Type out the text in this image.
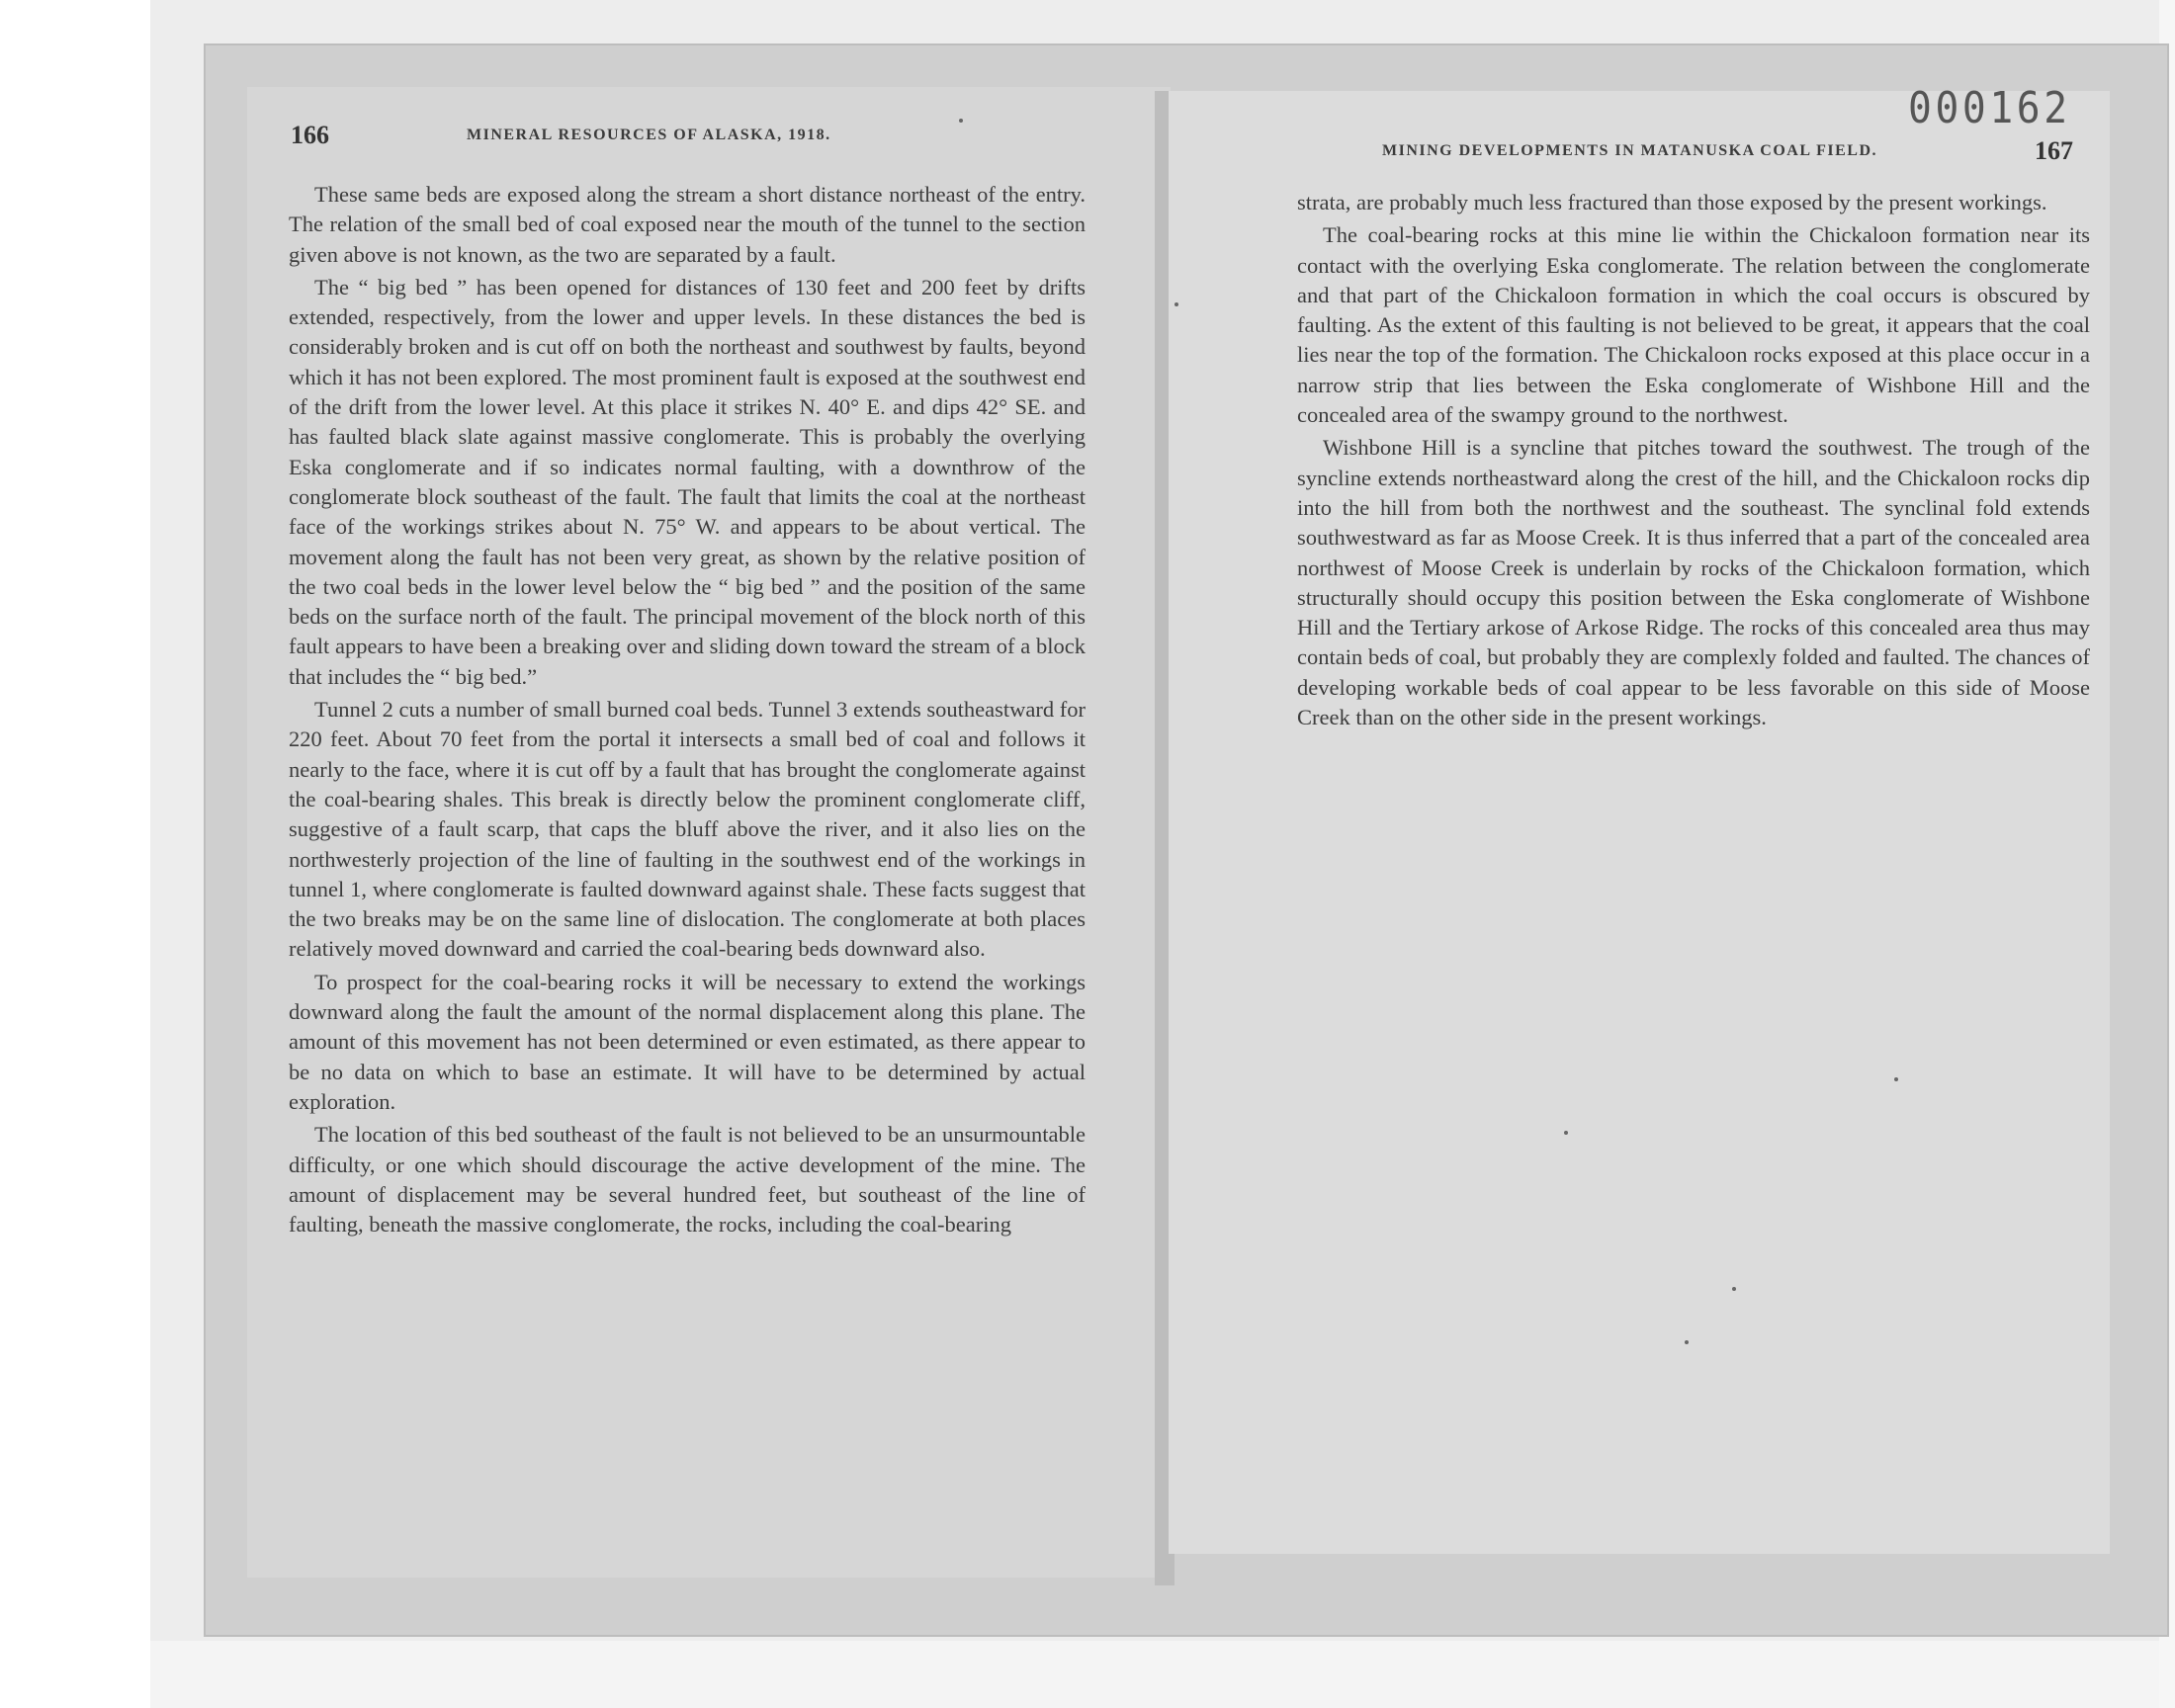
166	MINERAL RESOURCES OF ALASKA, 1918.

These same beds are exposed along the stream a short distance northeast of the entry. The relation of the small bed of coal exposed near the mouth of the tunnel to the section given above is not known, as the two are separated by a fault.

The “ big bed ” has been opened for distances of 130 feet and 200 feet by drifts extended, respectively, from the lower and upper levels. In these distances the bed is considerably broken and is cut off on both the northeast and southwest by faults, beyond which it has not been explored. The most prominent fault is exposed at the southwest end of the drift from the lower level. At this place it strikes N. 40° E. and dips 42° SE. and has faulted black slate against massive conglomerate. This is probably the overlying Eska conglomerate and if so indicates normal faulting, with a downthrow of the conglomerate block southeast of the fault. The fault that limits the coal at the northeast face of the workings strikes about N. 75° W. and appears to be about vertical. The movement along the fault has not been very great, as shown by the relative position of the two coal beds in the lower level below the “ big bed ” and the position of the same beds on the surface north of the fault. The principal movement of the block north of this fault appears to have been a breaking over and sliding down toward the stream of a block that includes the “ big bed.”

Tunnel 2 cuts a number of small burned coal beds. Tunnel 3 extends southeastward for 220 feet. About 70 feet from the portal it intersects a small bed of coal and follows it nearly to the face, where it is cut off by a fault that has brought the conglomerate against the coal-bearing shales. This break is directly below the prominent conglomerate cliff, suggestive of a fault scarp, that caps the bluff above the river, and it also lies on the northwesterly projection of the line of faulting in the southwest end of the workings in tunnel 1, where conglomerate is faulted downward against shale. These facts suggest that the two breaks may be on the same line of dislocation. The conglomerate at both places relatively moved downward and carried the coal-bearing beds downward also.

To prospect for the coal-bearing rocks it will be necessary to extend the workings downward along the fault the amount of the normal displacement along this plane. The amount of this movement has not been determined or even estimated, as there appear to be no data on which to base an estimate. It will have to be determined by actual exploration.

The location of this bed southeast of the fault is not believed to be an unsurmountable difficulty, or one which should discourage the active development of the mine. The amount of displacement may be several hundred feet, but southeast of the line of faulting, beneath the massive conglomerate, the rocks, including the coal-bearing

MINING DEVELOPMENTS IN MATANUSKA COAL FIELD.	167

strata, are probably much less fractured than those exposed by the present workings.

The coal-bearing rocks at this mine lie within the Chickaloon formation near its contact with the overlying Eska conglomerate. The relation between the conglomerate and that part of the Chickaloon formation in which the coal occurs is obscured by faulting. As the extent of this faulting is not believed to be great, it appears that the coal lies near the top of the formation. The Chickaloon rocks exposed at this place occur in a narrow strip that lies between the Eska conglomerate of Wishbone Hill and the concealed area of the swampy ground to the northwest.

Wishbone Hill is a syncline that pitches toward the southwest. The trough of the syncline extends northeastward along the crest of the hill, and the Chickaloon rocks dip into the hill from both the northwest and the southeast. The synclinal fold extends southwestward as far as Moose Creek. It is thus inferred that a part of the concealed area northwest of Moose Creek is underlain by rocks of the Chickaloon formation, which structurally should occupy this position between the Eska conglomerate of Wishbone Hill and the Tertiary arkose of Arkose Ridge. The rocks of this concealed area thus may contain beds of coal, but probably they are complexly folded and faulted. The chances of developing workable beds of coal appear to be less favorable on this side of Moose Creek than on the other side in the present workings.

000162
